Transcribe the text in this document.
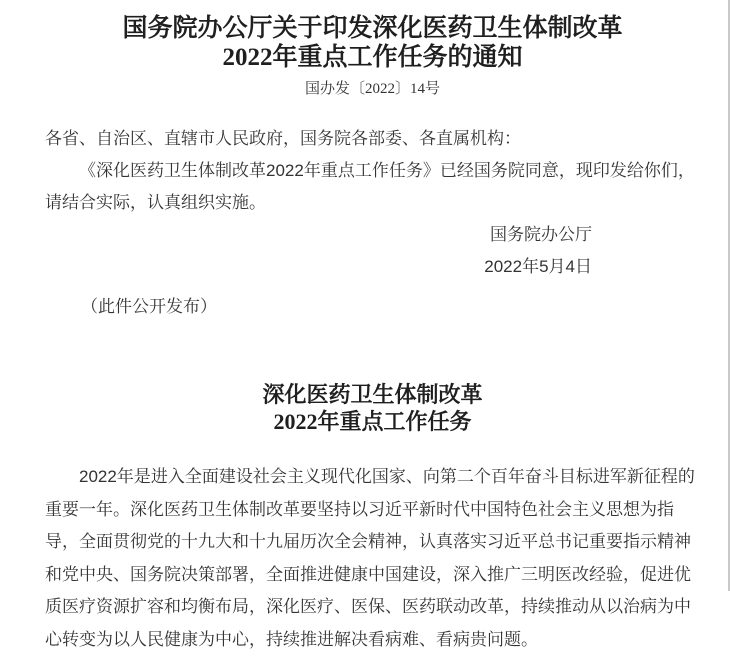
国务院办公厅关于印发深化医药卫生体制改革
2022年重点工作任务的通知
国办发〔2022〕14号

各省、自治区、直辖市人民政府，国务院各部委、各直属机构：

《深化医药卫生体制改革2022年重点工作任务》已经国务院同意，现印发给你们，请结合实际，认真组织实施。

国务院办公厅

2022年5月4日

（此件公开发布）

深化医药卫生体制改革
2022年重点工作任务

2022年是进入全面建设社会主义现代化国家、向第二个百年奋斗目标进军新征程的重要一年。深化医药卫生体制改革要坚持以习近平新时代中国特色社会主义思想为指导，全面贯彻党的十九大和十九届历次全会精神，认真落实习近平总书记重要指示精神和党中央、国务院决策部署，全面推进健康中国建设，深入推广三明医改经验，促进优质医疗资源扩容和均衡布局，深化医疗、医保、医药联动改革，持续推动从以治病为中心转变为以人民健康为中心，持续推进解决看病难、看病贵问题。
